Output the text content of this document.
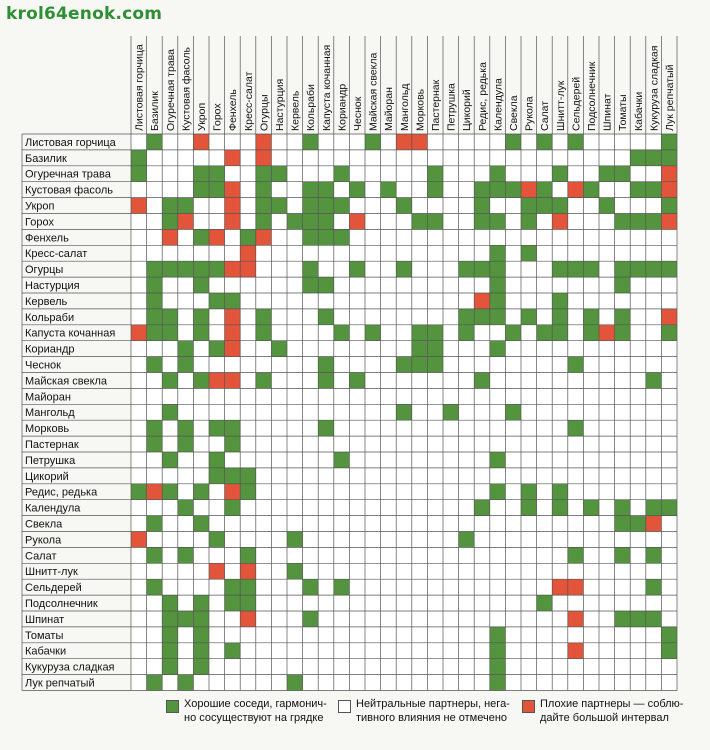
krol64enok.com
Листовая горчица
Базилик
Огуречная трава
Кустовая фасоль
Укроп
Горох
Фенхель
Кресс-салат
Огурцы
Настурция
Кервель
Кольраби
Капуста кочанная
Кориандр
Чеснок
Майская свекла
Майоран
Мангольд
Морковь
Пастернак
Петрушка
Цикорий
Редис, редька
Календула
Свекла
Рукола
Салат
Шнитт-лук
Сельдерей
Подсолнечник
Шпинат
Томаты
Кабачки
Кукуруза сладкая
Лук репчатый
Листовая горчица Базилик Огуречная трава Кустовая фасоль Укроп Горох Фенхель Кресс-салат Огурцы Настурция Кервель Кольраби Капуста кочанная Кориандр Чеснок Майская свекла Майоран Мангольд Морковь Пастернак Петрушка Цикорий Редис, редька Календула Свекла Рукола Салат Шнитт-лук Сельдерей Подсолнечник Шпинат Томаты Кабачки Кукуруза сладкая Лук репчатый
Хорошие соседи, гармонич-
но сосуществуют на грядке
Нейтральные партнеры, нега-
тивного влияния не отмечено
Плохие партнеры — соблю-
дайте большой интервал
